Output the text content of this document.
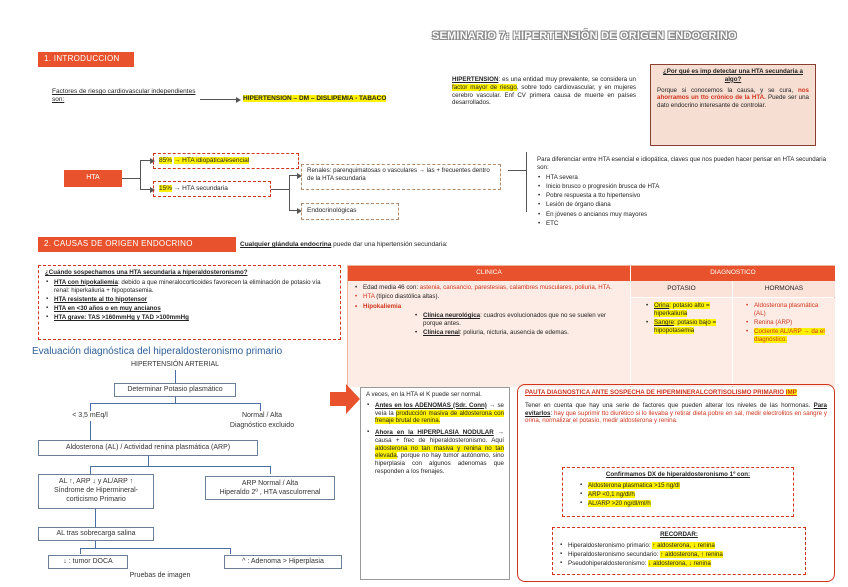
SEMINARIO 7: HIPERTENSIÓN DE ORIGEN ENDOCRINO
1. INTRODUCCION
Factores de riesgo cardiovascular independientes son:	HIPERTENSION – DM – DISLIPEMIA - TABACO
HIPERTENSION: es una entidad muy prevalente, se considera un factor mayor de riesgo, sobre todo cardiovascular, y en mujeres cerebro vascular. Enf CV primera causa de muerte en países desarrollados.
¿Por qué es imp detectar una HTA secundaria a algo?
Porque si conocemos la causa, y se cura, nos ahorramos un tto crónico de la HTA. Puede ser una dato endocrino interesante de controlar.
HTA
85% → HTA idiopática/esencial
15% → HTA secundaria
Renales: parenquimatosas o vasculares → las + frecuentes dentro de la HTA secundaria
Endocrinológicas
Para diferenciar entre HTA esencial e idiopática, claves que nos pueden hacer pensar en HTA secundaria son:
• HTA severa
• Inicio brusco o progresión brusca de HTA
• Pobre respuesta a tto hipertensivo
• Lesión de órgano diana
• En jóvenes o ancianos muy mayores
• ETC
2. CAUSAS DE ORIGEN ENDOCRINO	Cualquier glándula endocrina puede dar una hipertensión secundaria:
¿Cuándo sospechamos una HTA secundaria a hiperaldosteronismo?
▪ HTA con hipokaliemia: debido a que mineralocorticoides favorecen la eliminación de potasio vía renal: hiperkaliuria + hipopotasemia.
▪ HTA resistente al tto hipotensor
▪ HTA en <30 años o en muy ancianos
▪ HTA grave: TAS >160mmHg y TAD >100mmHg
CLINICA	DIAGNOSTICO
• Edad media 46 con: astenia, cansancio, parestesias, calambres musculares, poliuria, HTA.
• HTA (típico diastólica altas).
• Hipokaliemia
• Clínica neurológica: cuadros evolucionados que no se suelen ver porque antes.
• Clínica renal: poliuria, nicturia, ausencia de edemas.
POTASIO	HORMONAS
• Orina: potasio alto = hiperkaliuria
• Sangre: potasio bajo = hipopotasemia
• Aldosterona plasmática (AL)
• Renina (ARP)
• Cociente AL/ARP → da el diagnóstico.
Evaluación diagnóstica del hiperaldosteronismo primario
HIPERTENSIÓN ARTERIAL
Determinar Potasio plasmático
< 3,5 mEq/l	Normal / Alta
Diagnóstico excluido
Aldosterona (AL) / Actividad renina plasmática (ARP)
AL ↑, ARP ↓ y AL/ARP ↑
Síndrome de Hipermineral-
corticismo Primario
ARP Normal / Alta
Hiperaldo 2º , HTA vasculorrenal
AL tras sobrecarga salina
↓ : tumor DOCA	^ : Adenoma > Hiperplasia
Pruebas de imagen
A veces, en la HTA el K puede ser normal.
▪ Antes en los ADENOMAS (Sdr. Conn) → se veía la producción masiva de aldosterona con frenaje brutal de renina.
▪ Ahora en la HIPERPLASIA NODULAR → causa + frec de hiperaldosteronismo. Aquí aldosterona no tan masiva y renina no tan elevada, porque no hay tumor autónomo, sino hiperplasia con algunos adenomas que responden a los frenajes.
PAUTA DIAGNOSTICA ANTE SOSPECHA DE HIPERMINERALCORTISOLISMO PRIMARIO IMP
Tener en cuenta que hay una serie de factores que pueden alterar los niveles de las hormonas. Para evitarlos: hay que suprimir tto diurético si lo llevaba y retirar dieta pobre en sal, medir electrolitos en sangre y orina, normalizar el potasio, medir aldosterona y renina.
Confirmamos DX de hiperaldosteronismo 1º con:
▪ Aldosterona plasmatica >15 ng/dl
▪ ARP <0,1 ng/dl/h
▪ AL/ARP >20 ng/dl/ml/h
RECORDAR:
▪ Hiperaldosteronismo primario: ↑ aldosterona, ↓ renina
▪ Hiperaldosteronismo secundario: ↑ aldosterona, ↑ renina
▪ Pseudohiperaldosteronismo: ↓ aldosterona, ↓ renina
